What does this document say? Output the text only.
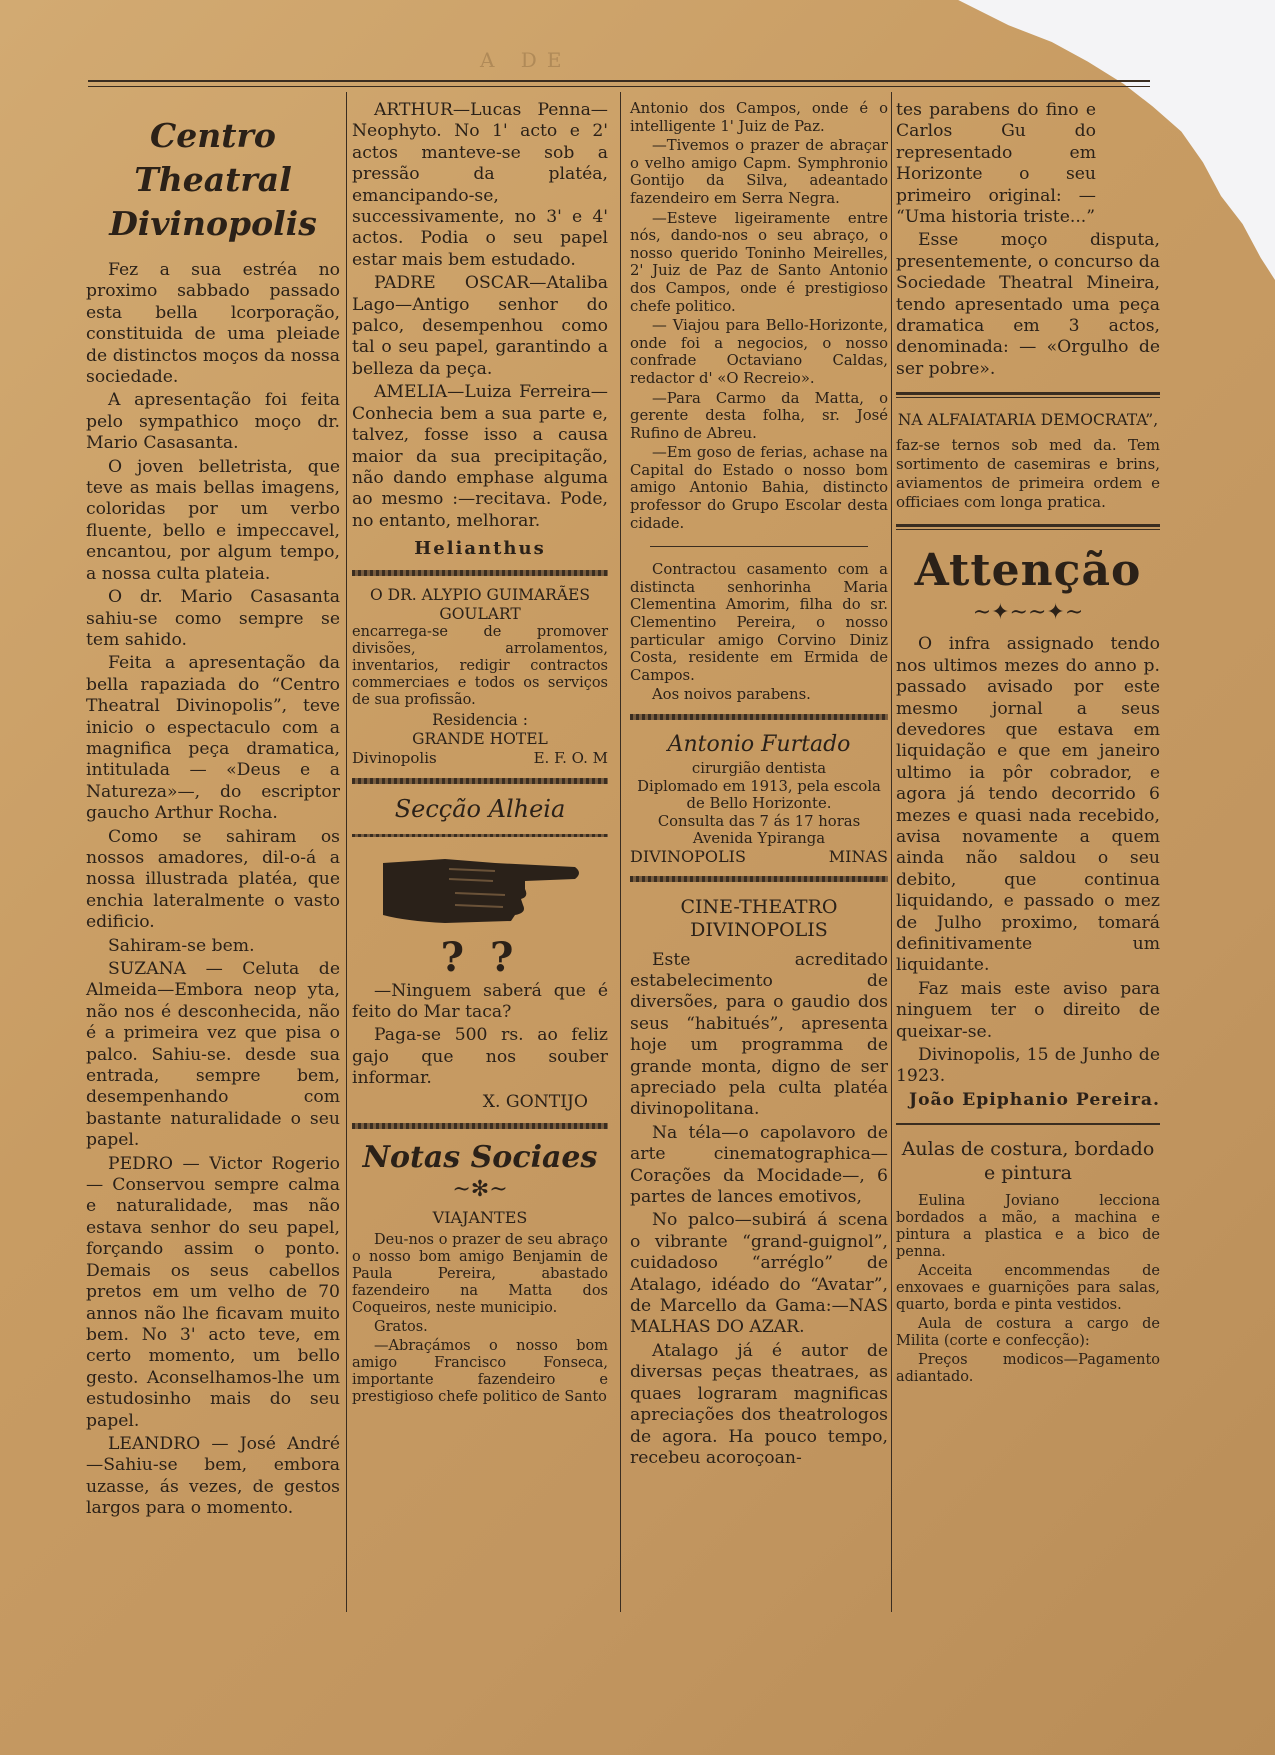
A DE
Centro Theatral
Divinopolis

Fez a sua estréa no proximo sabbado passado esta bella lcorporação, constituida de uma pleiade de distinctos moços da nossa sociedade.

A apresentação foi feita pelo sympathico moço dr. Mario Casasanta.

O joven belletrista, que teve as mais bellas imagens, coloridas por um verbo fluente, bello e impeccavel, encantou, por algum tempo, a nossa culta plateia.

O dr. Mario Casasanta sahiu-se como sempre se tem sahido.

Feita a apresentação da bella rapaziada do “Centro Theatral Divinopolis”, teve inicio o espectaculo com a magnifica peça dramatica, intitulada — «Deus e a Natureza»—, do escriptor gaucho Arthur Rocha.

Como se sahiram os nossos amadores, dil-o-á a nossa illustrada platéa, que enchia lateralmente o vasto edificio.

Sahiram-se bem.

SUZANA — Celuta de Almeida—Embora neop yta, não nos é desconhecida, não é a primeira vez que pisa o palco. Sahiu-se. desde sua entrada, sempre bem, desempenhando com bastante naturalidade o seu papel.

PEDRO — Victor Rogerio — Conservou sempre calma e naturalidade, mas não estava senhor do seu papel, forçando assim o ponto. Demais os seus cabellos pretos em um velho de 70 annos não lhe ficavam muito bem. No 3' acto teve, em certo momento, um bello gesto. Aconselhamos-lhe um estudosinho mais do seu papel.

LEANDRO — José André—Sahiu-se bem, embora uzasse, ás vezes, de gestos largos para o momento.

ARTHUR—Lucas Penna—Neophyto. No 1' acto e 2' actos manteve-se sob a pressão da platéa, emancipando-se, successivamente, no 3' e 4' actos. Podia o seu papel estar mais bem estudado.

PADRE OSCAR—Ataliba Lago—Antigo senhor do palco, desempenhou como tal o seu papel, garantindo a belleza da peça.

AMELIA—Luiza Ferreira—Conhecia bem a sua parte e, talvez, fosse isso a causa maior da sua precipitação, não dando emphase alguma ao mesmo :—recitava. Pode, no entanto, melhorar.

Helianthus
O DR. ALYPIO GUIMARÃES
GOULART

encarrega-se de promover divisões, arrolamentos, inventarios, redigir contractos commerciaes e todos os serviços de sua profissão.

Residencia :
GRANDE HOTEL
Divinopolis	E. F. O. M
Secção Alheia
? ?

—Ninguem saberá que é feito do Mar taca?

Paga-se 500 rs. ao feliz gajo que nos souber informar.

X. GONTIJO
Notas Sociaes
~✻~
VIAJANTES

Deu-nos o prazer de seu abraço o nosso bom amigo Benjamin de Paula Pereira, abastado fazendeiro na Matta dos Coqueiros, neste municipio.

Gratos.

—Abraçámos o nosso bom amigo Francisco Fonseca, importante fazendeiro e prestigioso chefe politico de Santo

Antonio dos Campos, onde é o intelligente 1' Juiz de Paz.

—Tivemos o prazer de abraçar o velho amigo Capm. Symphronio Gontijo da Silva, adeantado fazendeiro em Serra Negra.

—Esteve ligeiramente entre nós, dando-nos o seu abraço, o nosso querido Toninho Meirelles, 2' Juiz de Paz de Santo Antonio dos Campos, onde é prestigioso chefe politico.

— Viajou para Bello-Horizonte, onde foi a negocios, o nosso confrade Octaviano Caldas, redactor d' «O Recreio».

—Para Carmo da Matta, o gerente desta folha, sr. José Rufino de Abreu.

—Em goso de ferias, achase na Capital do Estado o nosso bom amigo Antonio Bahia, distincto professor do Grupo Escolar desta cidade.

Contractou casamento com a distincta senhorinha Maria Clementina Amorim, filha do sr. Clementino Pereira, o nosso particular amigo Corvino Diniz Costa, residente em Ermida de Campos.

Aos noivos parabens.

Antonio Furtado
cirurgião dentista
Diplomado em 1913, pela escola de Bello Horizonte.
Consulta das 7 ás 17 horas
Avenida Ypiranga
DIVINOPOLIS	MINAS
CINE-THEATRO DIVINOPOLIS

Este acreditado estabelecimento de diversões, para o gaudio dos seus “habitués”, apresenta hoje um programma de grande monta, digno de ser apreciado pela culta platéa divinopolitana.

Na téla—o capolavoro de arte cinematographica—Corações da Mocidade—, 6 partes de lances emotivos,

No palco—subirá á scena o vibrante “grand-guignol”, cuidadoso “arréglo” de Atalago, idéado do “Avatar”, de Marcello da Gama:—NAS MALHAS DO AZAR.

Atalago já é autor de diversas peças theatraes, as quaes lograram magnificas apreciações dos theatrologos de agora. Ha pouco tempo, recebeu acoroçoan-

tes parabens do fino e Carlos Gu do representado em Horizonte o seu primeiro original: — “Uma historia triste...”

Esse moço disputa, presentemente, o concurso da Sociedade Theatral Mineira, tendo apresentado uma peça dramatica em 3 actos, denominada: — «Orgulho de ser pobre».

NA ALFAIATARIA DEMOCRATA”,

faz-se ternos sob med da. Tem sortimento de casemiras e brins, aviamentos de primeira ordem e officiaes com longa pratica.

Attenção
~✦~~✦~

O infra assignado tendo nos ultimos mezes do anno p. passado avisado por este mesmo jornal a seus devedores que estava em liquidação e que em janeiro ultimo ia pôr cobrador, e agora já tendo decorrido 6 mezes e quasi nada recebido, avisa novamente a quem ainda não saldou o seu debito, que continua liquidando, e passado o mez de Julho proximo, tomará definitivamente um liquidante.

Faz mais este aviso para ninguem ter o direito de queixar-se.

Divinopolis, 15 de Junho de 1923.

João Epiphanio Pereira.
Aulas de costura, bordado e pintura

Eulina Joviano lecciona bordados a mão, a machina e pintura a plastica e a bico de penna.

Acceita encommendas de enxovaes e guarnições para salas, quarto, borda e pinta vestidos.

Aula de costura a cargo de Milita (corte e confecção):

Preços modicos—Pagamento adiantado.
